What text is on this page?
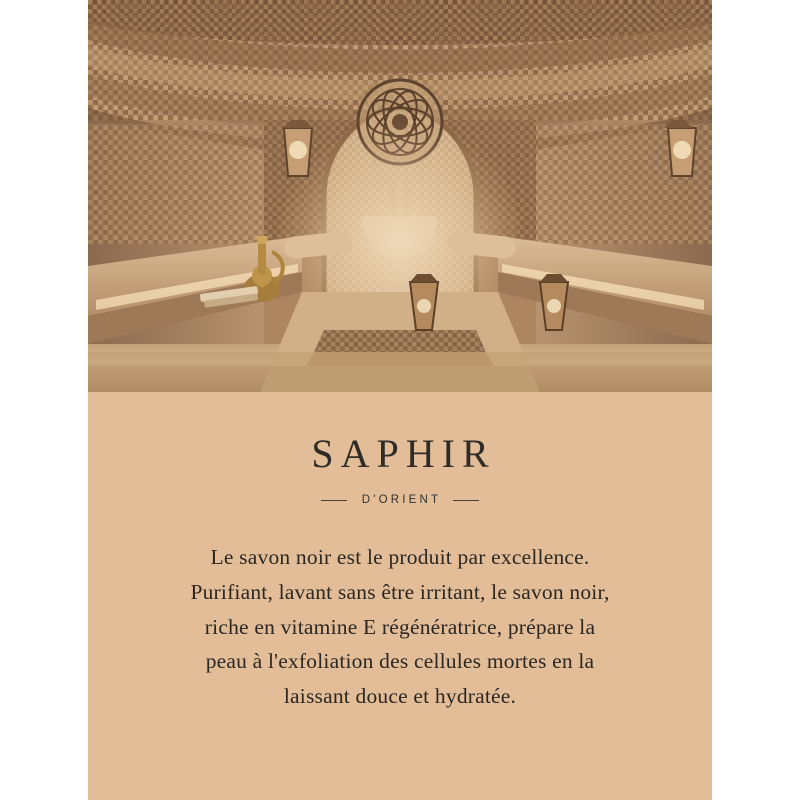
SAPHIR
D'ORIENT
Le savon noir est le produit par excellence.
Purifiant, lavant sans être irritant, le savon noir,
riche en vitamine E régénératrice, prépare la
peau à l'exfoliation des cellules mortes en la
laissant douce et hydratée.
